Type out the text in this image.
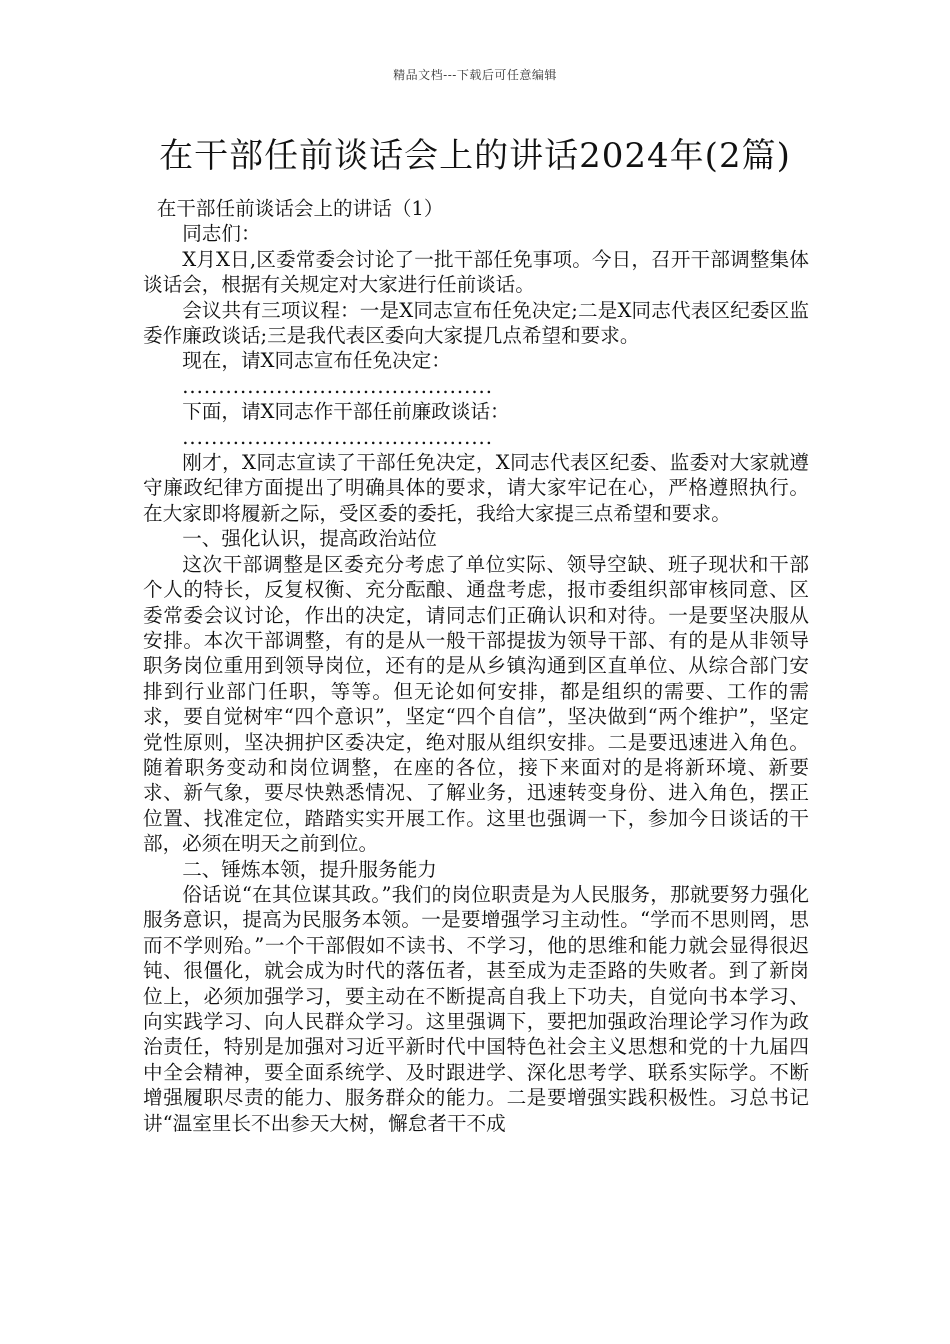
精品文档---下载后可任意编辑
在干部任前谈话会上的讲话2024年(2篇)

在干部任前谈话会上的讲话（1）

同志们：

X月X日,区委常委会讨论了一批干部任免事项。今日，召开干部调整集体谈话会，根据有关规定对大家进行任前谈话。

会议共有三项议程：一是X同志宣布任免决定;二是X同志代表区纪委区监委作廉政谈话;三是我代表区委向大家提几点希望和要求。

现在，请X同志宣布任免决定：

...........................................

下面，请X同志作干部任前廉政谈话：

...........................................

刚才，X同志宣读了干部任免决定，X同志代表区纪委、监委对大家就遵守廉政纪律方面提出了明确具体的要求，请大家牢记在心，严格遵照执行。在大家即将履新之际，受区委的委托，我给大家提三点希望和要求。

一、强化认识，提高政治站位

这次干部调整是区委充分考虑了单位实际、领导空缺、班子现状和干部个人的特长，反复权衡、充分酝酿、通盘考虑，报市委组织部审核同意、区委常委会议讨论，作出的决定，请同志们正确认识和对待。一是要坚决服从安排。本次干部调整，有的是从一般干部提拔为领导干部、有的是从非领导职务岗位重用到领导岗位，还有的是从乡镇沟通到区直单位、从综合部门安排到行业部门任职，等等。但无论如何安排，都是组织的需要、工作的需求，要自觉树牢“四个意识”，坚定“四个自信”，坚决做到“两个维护”，坚定党性原则，坚决拥护区委决定，绝对服从组织安排。二是要迅速进入角色。随着职务变动和岗位调整，在座的各位，接下来面对的是将新环境、新要求、新气象，要尽快熟悉情况、了解业务，迅速转变身份、进入角色，摆正位置、找准定位，踏踏实实开展工作。这里也强调一下，参加今日谈话的干部，必须在明天之前到位。

二、锤炼本领，提升服务能力

俗话说“在其位谋其政。”我们的岗位职责是为人民服务，那就要努力强化服务意识，提高为民服务本领。一是要增强学习主动性。“学而不思则罔，思而不学则殆。”一个干部假如不读书、不学习，他的思维和能力就会显得很迟钝、很僵化，就会成为时代的落伍者，甚至成为走歪路的失败者。到了新岗位上，必须加强学习，要主动在不断提高自我上下功夫，自觉向书本学习、向实践学习、向人民群众学习。这里强调下，要把加强政治理论学习作为政治责任，特别是加强对习近平新时代中国特色社会主义思想和党的十九届四中全会精神，要全面系统学、及时跟进学、深化思考学、联系实际学。不断增强履职尽责的能力、服务群众的能力。二是要增强实践积极性。习总书记讲“温室里长不出参天大树，懈怠者干不成
